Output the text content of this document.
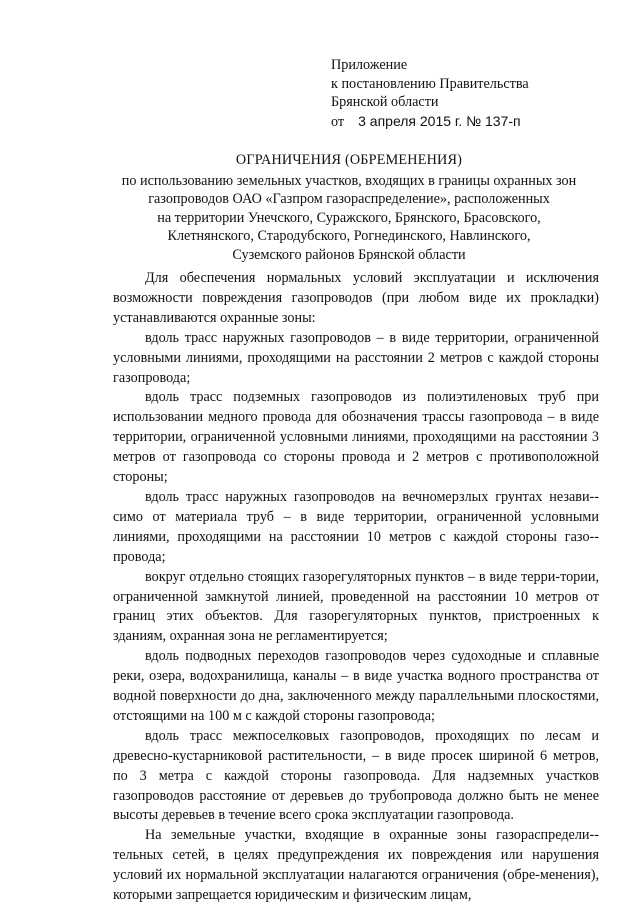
Приложение
к постановлению Правительства
Брянской области
от 3 апреля 2015 г. № 137-п
ОГРАНИЧЕНИЯ (ОБРЕМЕНЕНИЯ)
по использованию земельных участков, входящих в границы охранных зон
газопроводов ОАО «Газпром газораспределение», расположенных
на территории Унечского, Суражского, Брянского, Брасовского,
Клетнянского, Стародубского, Рогнединского, Навлинского,
Суземского районов Брянской области

Для обеспечения нормальных условий эксплуатации и исключения возможности повреждения газопроводов (при любом виде их прокладки) устанавливаются охранные зоны:

вдоль трасс наружных газопроводов – в виде территории, ограниченной условными линиями, проходящими на расстоянии 2 метров с каждой стороны газопровода;

вдоль трасс подземных газопроводов из полиэтиленовых труб при использовании медного провода для обозначения трассы газопровода – в виде территории, ограниченной условными линиями, проходящими на расстоянии 3 метров от газопровода со стороны провода и 2 метров с противоположной стороны;

вдоль трасс наружных газопроводов на вечномерзлых грунтах незави-симо от материала труб – в виде территории, ограниченной условными линиями, проходящими на расстоянии 10 метров с каждой стороны газо-провода;

вокруг отдельно стоящих газорегуляторных пунктов – в виде терри-тории, ограниченной замкнутой линией, проведенной на расстоянии 10 метров от границ этих объектов. Для газорегуляторных пунктов, пристроенных к зданиям, охранная зона не регламентируется;

вдоль подводных переходов газопроводов через судоходные и сплавные реки, озера, водохранилища, каналы – в виде участка водного пространства от водной поверхности до дна, заключенного между параллельными плоскостями, отстоящими на 100 м с каждой стороны газопровода;

вдоль трасс межпоселковых газопроводов, проходящих по лесам и древесно-кустарниковой растительности, – в виде просек шириной 6 метров, по 3 метра с каждой стороны газопровода. Для надземных участков газопроводов расстояние от деревьев до трубопровода должно быть не менее высоты деревьев в течение всего срока эксплуатации газопровода.

На земельные участки, входящие в охранные зоны газораспредели-тельных сетей, в целях предупреждения их повреждения или нарушения условий их нормальной эксплуатации налагаются ограничения (обре-менения), которыми запрещается юридическим и физическим лицам,
